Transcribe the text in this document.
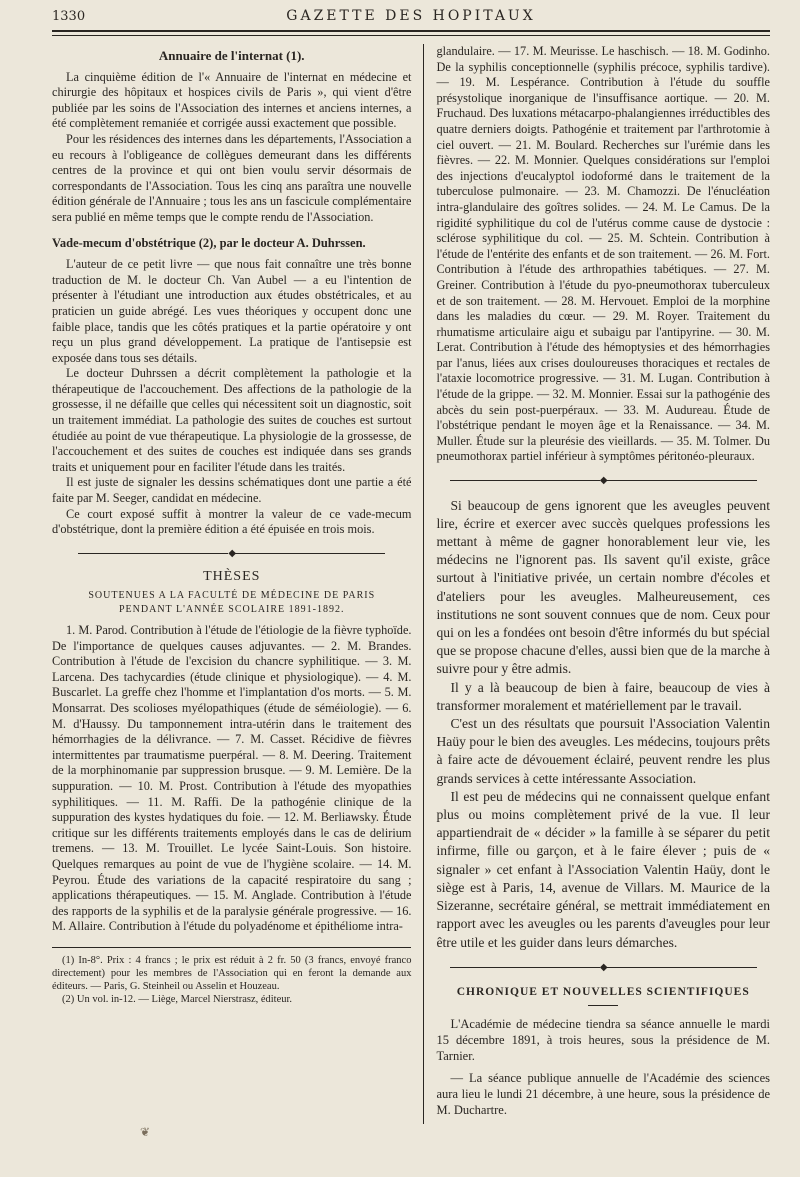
1330	GAZETTE DES HOPITAUX
Annuaire de l'internat (1).

La cinquième édition de l'« Annuaire de l'internat en médecine et chirurgie des hôpitaux et hospices civils de Paris », qui vient d'être publiée par les soins de l'Association des internes et anciens internes, a été complètement remaniée et corrigée aussi exactement que possible.

Pour les résidences des internes dans les départements, l'Association a eu recours à l'obligeance de collègues demeurant dans les différents centres de la province et qui ont bien voulu servir désormais de correspondants de l'Association. Tous les cinq ans paraîtra une nouvelle édition générale de l'Annuaire ; tous les ans un fascicule complémentaire sera publié en même temps que le compte rendu de l'Association.

Vade-mecum d'obstétrique (2), par le docteur A. Duhrssen.

L'auteur de ce petit livre — que nous fait connaître une très bonne traduction de M. le docteur Ch. Van Aubel — a eu l'intention de présenter à l'étudiant une introduction aux études obstétricales, et au praticien un guide abrégé. Les vues théoriques y occupent donc une faible place, tandis que les côtés pratiques et la partie opératoire y ont reçu un plus grand développement. La pratique de l'antisepsie est exposée dans tous ses détails.

Le docteur Duhrssen a décrit complètement la pathologie et la thérapeutique de l'accouchement. Des affections de la pathologie de la grossesse, il ne défaille que celles qui nécessitent soit un diagnostic, soit un traitement immédiat. La pathologie des suites de couches est surtout étudiée au point de vue thérapeutique. La physiologie de la grossesse, de l'accouchement et des suites de couches est indiquée dans ses grands traits et uniquement pour en faciliter l'étude dans les traités.

Il est juste de signaler les dessins schématiques dont une partie a été faite par M. Seeger, candidat en médecine.

Ce court exposé suffit à montrer la valeur de ce vade-mecum d'obstétrique, dont la première édition a été épuisée en trois mois.

◆
THÈSES
SOUTENUES A LA FACULTÉ DE MÉDECINE DE PARIS
PENDANT L'ANNÉE SCOLAIRE 1891-1892.

1. M. Parod. Contribution à l'étude de l'étiologie de la fièvre typhoïde. De l'importance de quelques causes adjuvantes. — 2. M. Brandes. Contribution à l'étude de l'excision du chancre syphilitique. — 3. M. Larcena. Des tachycardies (étude clinique et physiologique). — 4. M. Buscarlet. La greffe chez l'homme et l'implantation d'os morts. — 5. M. Monsarrat. Des scolioses myélopathiques (étude de séméiologie). — 6. M. d'Haussy. Du tamponnement intra-utérin dans le traitement des hémorrhagies de la délivrance. — 7. M. Casset. Récidive de fièvres intermittentes par traumatisme puerpéral. — 8. M. Deering. Traitement de la morphinomanie par suppression brusque. — 9. M. Lemière. De la suppuration. — 10. M. Prost. Contribution à l'étude des myopathies syphilitiques. — 11. M. Raffi. De la pathogénie clinique de la suppuration des kystes hydatiques du foie. — 12. M. Berliawsky. Étude critique sur les différents traitements employés dans le cas de delirium tremens. — 13. M. Trouillet. Le lycée Saint-Louis. Son histoire. Quelques remarques au point de vue de l'hygiène scolaire. — 14. M. Peyrou. Étude des variations de la capacité respiratoire du sang ; applications thérapeutiques. — 15. M. Anglade. Contribution à l'étude des rapports de la syphilis et de la paralysie générale progressive. — 16. M. Allaire. Contribution à l'étude du polyadénome et épithéliome intra-

(1) In-8°. Prix : 4 francs ; le prix est réduit à 2 fr. 50 (3 francs, envoyé franco directement) pour les membres de l'Association qui en feront la demande aux éditeurs. — Paris, G. Steinheil ou Asselin et Houzeau.

(2) Un vol. in-12. — Liège, Marcel Nierstrasz, éditeur.

glandulaire. — 17. M. Meurisse. Le haschisch. — 18. M. Godinho. De la syphilis conceptionnelle (syphilis précoce, syphilis tardive). — 19. M. Lespérance. Contribution à l'étude du souffle présystolique inorganique de l'insuffisance aortique. — 20. M. Fruchaud. Des luxations métacarpo-phalangiennes irréductibles des quatre derniers doigts. Pathogénie et traitement par l'arthrotomie à ciel ouvert. — 21. M. Boulard. Recherches sur l'urémie dans les fièvres. — 22. M. Monnier. Quelques considérations sur l'emploi des injections d'eucalyptol iodoformé dans le traitement de la tuberculose pulmonaire. — 23. M. Chamozzi. De l'énucléation intra-glandulaire des goîtres solides. — 24. M. Le Camus. De la rigidité syphilitique du col de l'utérus comme cause de dystocie : sclérose syphilitique du col. — 25. M. Schtein. Contribution à l'étude de l'entérite des enfants et de son traitement. — 26. M. Fort. Contribution à l'étude des arthropathies tabétiques. — 27. M. Greiner. Contribution à l'étude du pyo-pneumothorax tuberculeux et de son traitement. — 28. M. Hervouet. Emploi de la morphine dans les maladies du cœur. — 29. M. Royer. Traitement du rhumatisme articulaire aigu et subaigu par l'antipyrine. — 30. M. Lerat. Contribution à l'étude des hémoptysies et des hémorrhagies par l'anus, liées aux crises douloureuses thoraciques et rectales de l'ataxie locomotrice progressive. — 31. M. Lugan. Contribution à l'étude de la grippe. — 32. M. Monnier. Essai sur la pathogénie des abcès du sein post-puerpéraux. — 33. M. Audureau. Étude de l'obstétrique pendant le moyen âge et la Renaissance. — 34. M. Muller. Étude sur la pleurésie des vieillards. — 35. M. Tolmer. Du pneumothorax partiel inférieur à symptômes péritonéo-pleuraux.

◆

Si beaucoup de gens ignorent que les aveugles peuvent lire, écrire et exercer avec succès quelques professions les mettant à même de gagner honorablement leur vie, les médecins ne l'ignorent pas. Ils savent qu'il existe, grâce surtout à l'initiative privée, un certain nombre d'écoles et d'ateliers pour les aveugles. Malheureusement, ces institutions ne sont souvent connues que de nom. Ceux pour qui on les a fondées ont besoin d'être informés du but spécial que se propose chacune d'elles, aussi bien que de la marche à suivre pour y être admis.

Il y a là beaucoup de bien à faire, beaucoup de vies à transformer moralement et matériellement par le travail.

C'est un des résultats que poursuit l'Association Valentin Haüy pour le bien des aveugles. Les médecins, toujours prêts à faire acte de dévouement éclairé, peuvent rendre les plus grands services à cette intéressante Association.

Il est peu de médecins qui ne connaissent quelque enfant plus ou moins complètement privé de la vue. Il leur appartiendrait de « décider » la famille à se séparer du petit infirme, fille ou garçon, et à le faire élever ; puis de « signaler » cet enfant à l'Association Valentin Haüy, dont le siège est à Paris, 14, avenue de Villars. M. Maurice de la Sizeranne, secrétaire général, se mettrait immédiatement en rapport avec les aveugles ou les parents d'aveugles pour leur être utile et les guider dans leurs démarches.

◆
CHRONIQUE ET NOUVELLES SCIENTIFIQUES

L'Académie de médecine tiendra sa séance annuelle le mardi 15 décembre 1891, à trois heures, sous la présidence de M. Tarnier.

— La séance publique annuelle de l'Académie des sciences aura lieu le lundi 21 décembre, à une heure, sous la présidence de M. Duchartre.

❦
